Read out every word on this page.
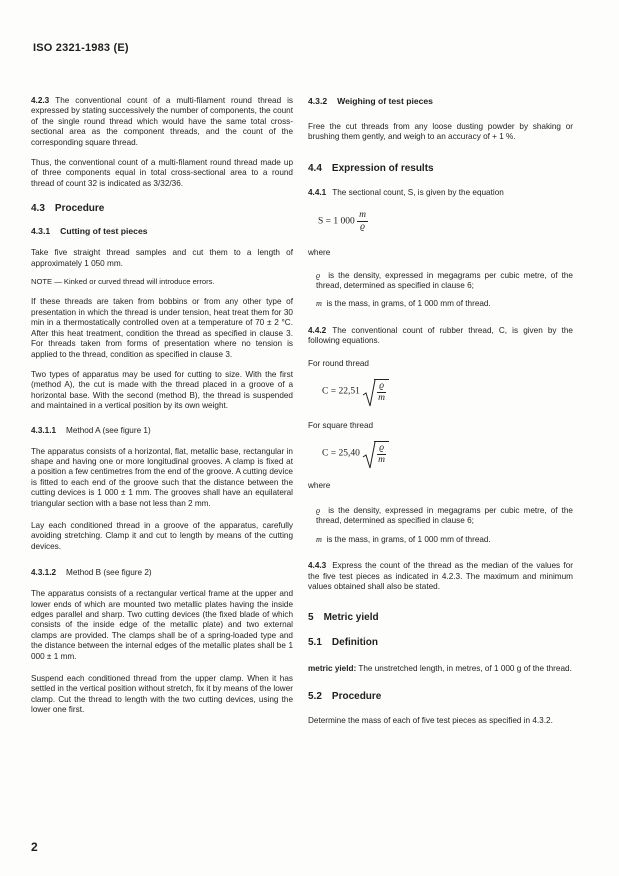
ISO 2321-1983 (E)

4.2.3 The conventional count of a multi-filament round thread is expressed by stating successively the number of components, the count of the single round thread which would have the same total cross-sectional area as the component threads, and the count of the corresponding square thread.

Thus, the conventional count of a multi-filament round thread made up of three components equal in total cross-sectional area to a round thread of count 32 is indicated as 3/32/36.

4.3 Procedure
4.3.1 Cutting of test pieces

Take five straight thread samples and cut them to a length of approximately 1 050 mm.

NOTE — Kinked or curved thread will introduce errors.

If these threads are taken from bobbins or from any other type of presentation in which the thread is under tension, heat treat them for 30 min in a thermostatically controlled oven at a temperature of 70 ± 2 °C. After this heat treatment, condition the thread as specified in clause 3. For threads taken from forms of presentation where no tension is applied to the thread, condition as specified in clause 3.

Two types of apparatus may be used for cutting to size. With the first (method A), the cut is made with the thread placed in a groove of a horizontal base. With the second (method B), the thread is suspended and maintained in a vertical position by its own weight.

4.3.1.1 Method A (see figure 1)

The apparatus consists of a horizontal, flat, metallic base, rectangular in shape and having one or more longitudinal grooves. A clamp is fixed at a position a few centimetres from the end of the groove. A cutting device is fitted to each end of the groove such that the distance between the cutting devices is 1 000 ± 1 mm. The grooves shall have an equilateral triangular section with a base not less than 2 mm.

Lay each conditioned thread in a groove of the apparatus, carefully avoiding stretching. Clamp it and cut to length by means of the cutting devices.

4.3.1.2 Method B (see figure 2)

The apparatus consists of a rectangular vertical frame at the upper and lower ends of which are mounted two metallic plates having the inside edges parallel and sharp. Two cutting devices (the fixed blade of which consists of the inside edge of the metallic plate) and two external clamps are provided. The clamps shall be of a spring-loaded type and the distance between the internal edges of the metallic plates shall be 1 000 ± 1 mm.

Suspend each conditioned thread from the upper clamp. When it has settled in the vertical position without stretch, fix it by means of the lower clamp. Cut the thread to length with the two cutting devices, using the lower one first.

4.3.2 Weighing of test pieces

Free the cut threads from any loose dusting powder by shaking or brushing them gently, and weigh to an accuracy of + 1 %.

4.4 Expression of results

4.4.1 The sectional count, S, is given by the equation

S = 1 $000 \frac{m}{ϱ}$

where

ϱ is the density, expressed in megagrams per cubic metre, of the thread, determined as specified in clause 6;

m is the mass, in grams, of 1 000 mm of thread.

4.4.2 The conventional count of rubber thread, C, is given by the following equations.

For round thread

$C = 22,51 \frac{ϱ}{m}$

For square thread

$C = 25,40 \frac{ϱ}{m}$

where

ϱ is the density, expressed in megagrams per cubic metre, of the thread, determined as specified in clause 6;

m is the mass, in grams, of 1 000 mm of thread.

4.4.3 Express the count of the thread as the median of the values for the five test pieces as indicated in 4.2.3. The maximum and minimum values obtained shall also be stated.

5 Metric yield
5.1 Definition

metric yield: The unstretched length, in metres, of 1 000 g of the thread.

5.2 Procedure

Determine the mass of each of five test pieces as specified in 4.3.2.

2
